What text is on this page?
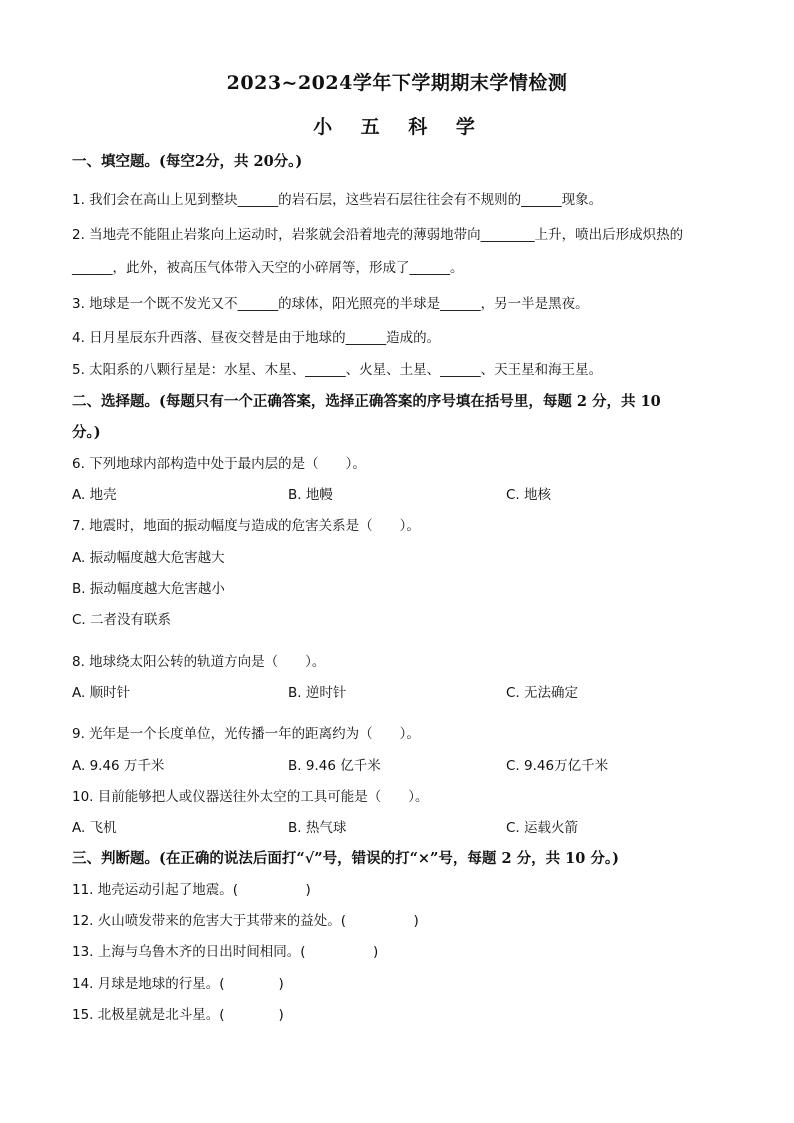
2023~2024学年下学期期末学情检测
小 五 科 学
一、填空题。(每空2分，共 20分。)
1. 我们会在高山上见到整块______的岩石层，这些岩石层往往会有不规则的______现象。
2. 当地壳不能阻止岩浆向上运动时，岩浆就会沿着地壳的薄弱地带向________上升，喷出后形成炽热的
______，此外，被高压气体带入天空的小碎屑等，形成了______。
3. 地球是一个既不发光又不______的球体，阳光照亮的半球是______，另一半是黑夜。
4. 日月星辰东升西落、昼夜交替是由于地球的______造成的。
5. 太阳系的八颗行星是：水星、木星、______、火星、土星、______、天王星和海王星。
二、选择题。(每题只有一个正确答案，选择正确答案的序号填在括号里，每题 2 分，共 10
分。)
6. 下列地球内部构造中处于最内层的是（　　）。
A. 地壳	B. 地幔	C. 地核
7. 地震时，地面的振动幅度与造成的危害关系是（　　）。
A. 振动幅度越大危害越大
B. 振动幅度越大危害越小
C. 二者没有联系
8. 地球绕太阳公转的轨道方向是（　　）。
A. 顺时针	B. 逆时针	C. 无法确定
9. 光年是一个长度单位，光传播一年的距离约为（　　）。
A. 9.46 万千米	B. 9.46 亿千米	C. 9.46万亿千米
10. 目前能够把人或仪器送往外太空的工具可能是（　　）。
A. 飞机	B. 热气球	C. 运载火箭
三、判断题。(在正确的说法后面打“√”号，错误的打“×”号，每题 2 分，共 10 分。)
11. 地壳运动引起了地震。(　　　　　)
12. 火山喷发带来的危害大于其带来的益处。(　　　　　)
13. 上海与乌鲁木齐的日出时间相同。(　　　　　)
14. 月球是地球的行星。(　　　　)
15. 北极星就是北斗星。(　　　　)
